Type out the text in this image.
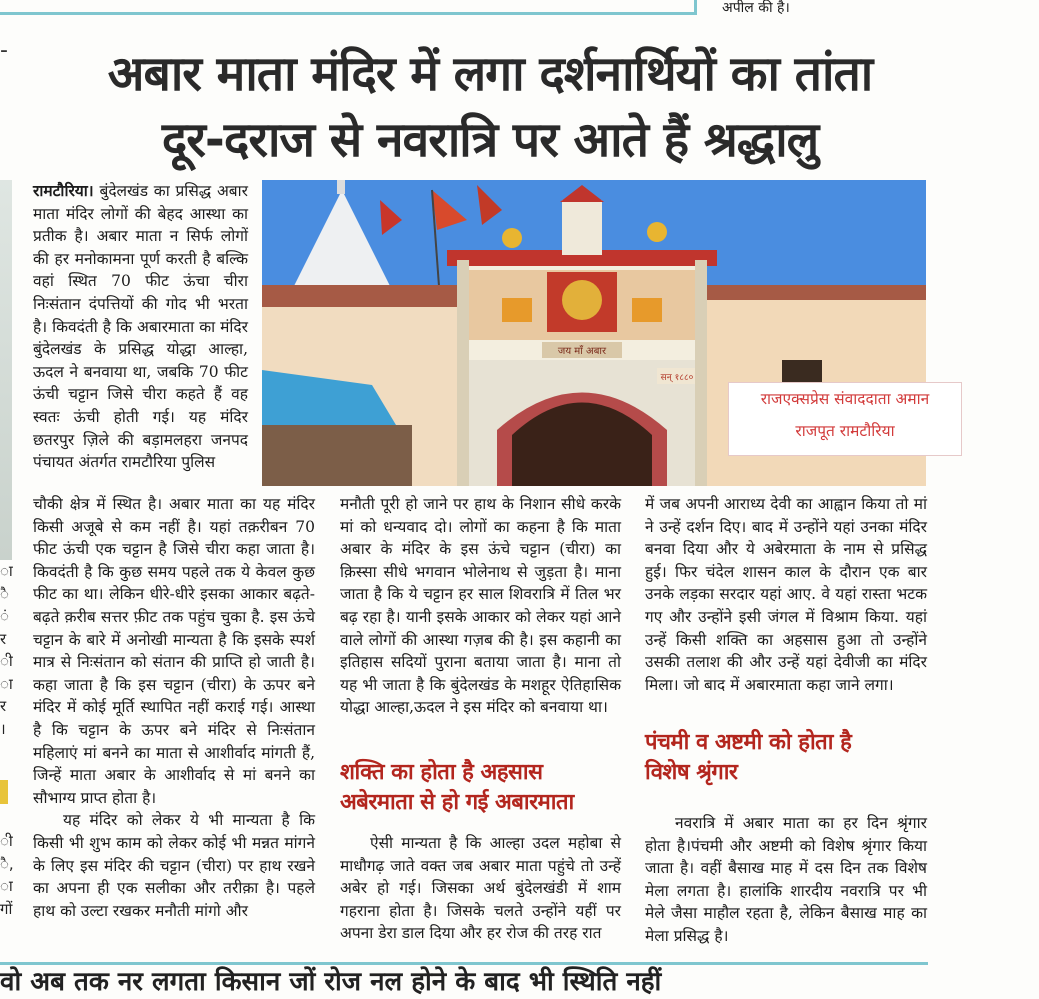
अपील की है।
-
ा
ै
ं
र
ी
ा
र
।
ी
ै,
ा
गों
अबार माता मंदिर में लगा दर्शनार्थियों का तांता
दूर-दराज से नवरात्रि पर आते हैं श्रद्धालु
रामटौरिया। बुंदेलखंड का प्रसिद्ध अबार माता मंदिर लोगों की बेहद आस्था का प्रतीक है। अबार माता न सिर्फ लोगों की हर मनोकामना पूर्ण करती है बल्कि वहां स्थित 70 फीट ऊंचा चीरा निःसंतान दंपत्तियों की गोद भी भरता है। किवदंती है कि अबारमाता का मंदिर बुंदेलखंड के प्रसिद्ध योद्धा आल्हा, ऊदल ने बनवाया था, जबकि 70 फीट ऊंची चट्टान जिसे चीरा कहते हैं वह स्वतः ऊंची होती गई। यह मंदिर छतरपुर ज़िले की बड़ामलहरा जनपद पंचायत अंतर्गत रामटौरिया पुलिस
चौकी क्षेत्र में स्थित है। अबार माता का यह मंदिर किसी अजूबे से कम नहीं है। यहां तक़रीबन 70 फीट ऊंची एक चट्टान है जिसे चीरा कहा जाता है। किवदंती है कि कुछ समय पहले तक ये केवल कुछ फीट का था। लेकिन धीरे-धीरे इसका आकार बढ़ते-बढ़ते क़रीब सत्तर फ़ीट तक पहुंच चुका है. इस ऊंचे चट्टान के बारे में अनोखी मान्यता है कि इसके स्पर्श मात्र से निःसंतान को संतान की प्राप्ति हो जाती है। कहा जाता है कि इस चट्टान (चीरा) के ऊपर बने मंदिर में कोई मूर्ति स्थापित नहीं कराई गई। आस्था है कि चट्टान के ऊपर बने मंदिर से निःसंतान महिलाएं मां बनने का माता से आशीर्वाद मांगती हैं, जिन्हें माता अबार के आशीर्वाद से मां बनने का सौभाग्य प्राप्त होता है।
यह मंदिर को लेकर ये भी मान्यता है कि किसी भी शुभ काम को लेकर कोई भी मन्नत मांगने के लिए इस मंदिर की चट्टान (चीरा) पर हाथ रखने का अपना ही एक सलीका और तरीक़ा है। पहले हाथ को उल्टा रखकर मनौती मांगो और
मनौती पूरी हो जाने पर हाथ के निशान सीधे करके मां को धन्यवाद दो। लोगों का कहना है कि माता अबार के मंदिर के इस ऊंचे चट्टान (चीरा) का क़िस्सा सीधे भगवान भोलेनाथ से जुड़ता है। माना जाता है कि ये चट्टान हर साल शिवरात्रि में तिल भर बढ़ रहा है। यानी इसके आकार को लेकर यहां आने वाले लोगों की आस्था गज़ब की है। इस कहानी का इतिहास सदियों पुराना बताया जाता है। माना तो यह भी जाता है कि बुंदेलखंड के मशहूर ऐतिहासिक योद्धा आल्हा,ऊदल ने इस मंदिर को बनवाया था।
शक्ति का होता है अहसास
अबेरमाता से हो गई अबारमाता
ऐसी मान्यता है कि आल्हा उदल महोबा से माधौगढ़ जाते वक्त जब अबार माता पहुंचे तो उन्हें अबेर हो गई। जिसका अर्थ बुंदेलखंडी में शाम गहराना होता है। जिसके चलते उन्होंने यहीं पर अपना डेरा डाल दिया और हर रोज की तरह रात
में जब अपनी आराध्य देवी का आह्वान किया तो मां ने उन्हें दर्शन दिए। बाद में उन्होंने यहां उनका मंदिर बनवा दिया और ये अबेरमाता के नाम से प्रसिद्ध हुई। फिर चंदेल शासन काल के दौरान एक बार उनके लड़का सरदार यहां आए. वे यहां रास्ता भटक गए और उन्होंने इसी जंगल में विश्राम किया. यहां उन्हें किसी शक्ति का अहसास हुआ तो उन्होंने उसकी तलाश की और उन्हें यहां देवीजी का मंदिर मिला। जो बाद में अबारमाता कहा जाने लगा।
पंचमी व अष्टमी को होता है
विशेष श्रृंगार
नवरात्रि में अबार माता का हर दिन श्रृंगार होता है।पंचमी और अष्टमी को विशेष श्रृंगार किया जाता है। वहीं बैसाख माह में दस दिन तक विशेष मेला लगता है। हालांकि शारदीय नवरात्रि पर भी मेले जैसा माहौल रहता है, लेकिन बैसाख माह का मेला प्रसिद्ध है।
जय माँ अबार
सन् १८८०
राजएक्सप्रेस संवाददाता अमान
राजपूत रामटौरिया
वो अब तक नर लगता किसान जों रोज नल होने के बाद भी स्थिति नहीं
